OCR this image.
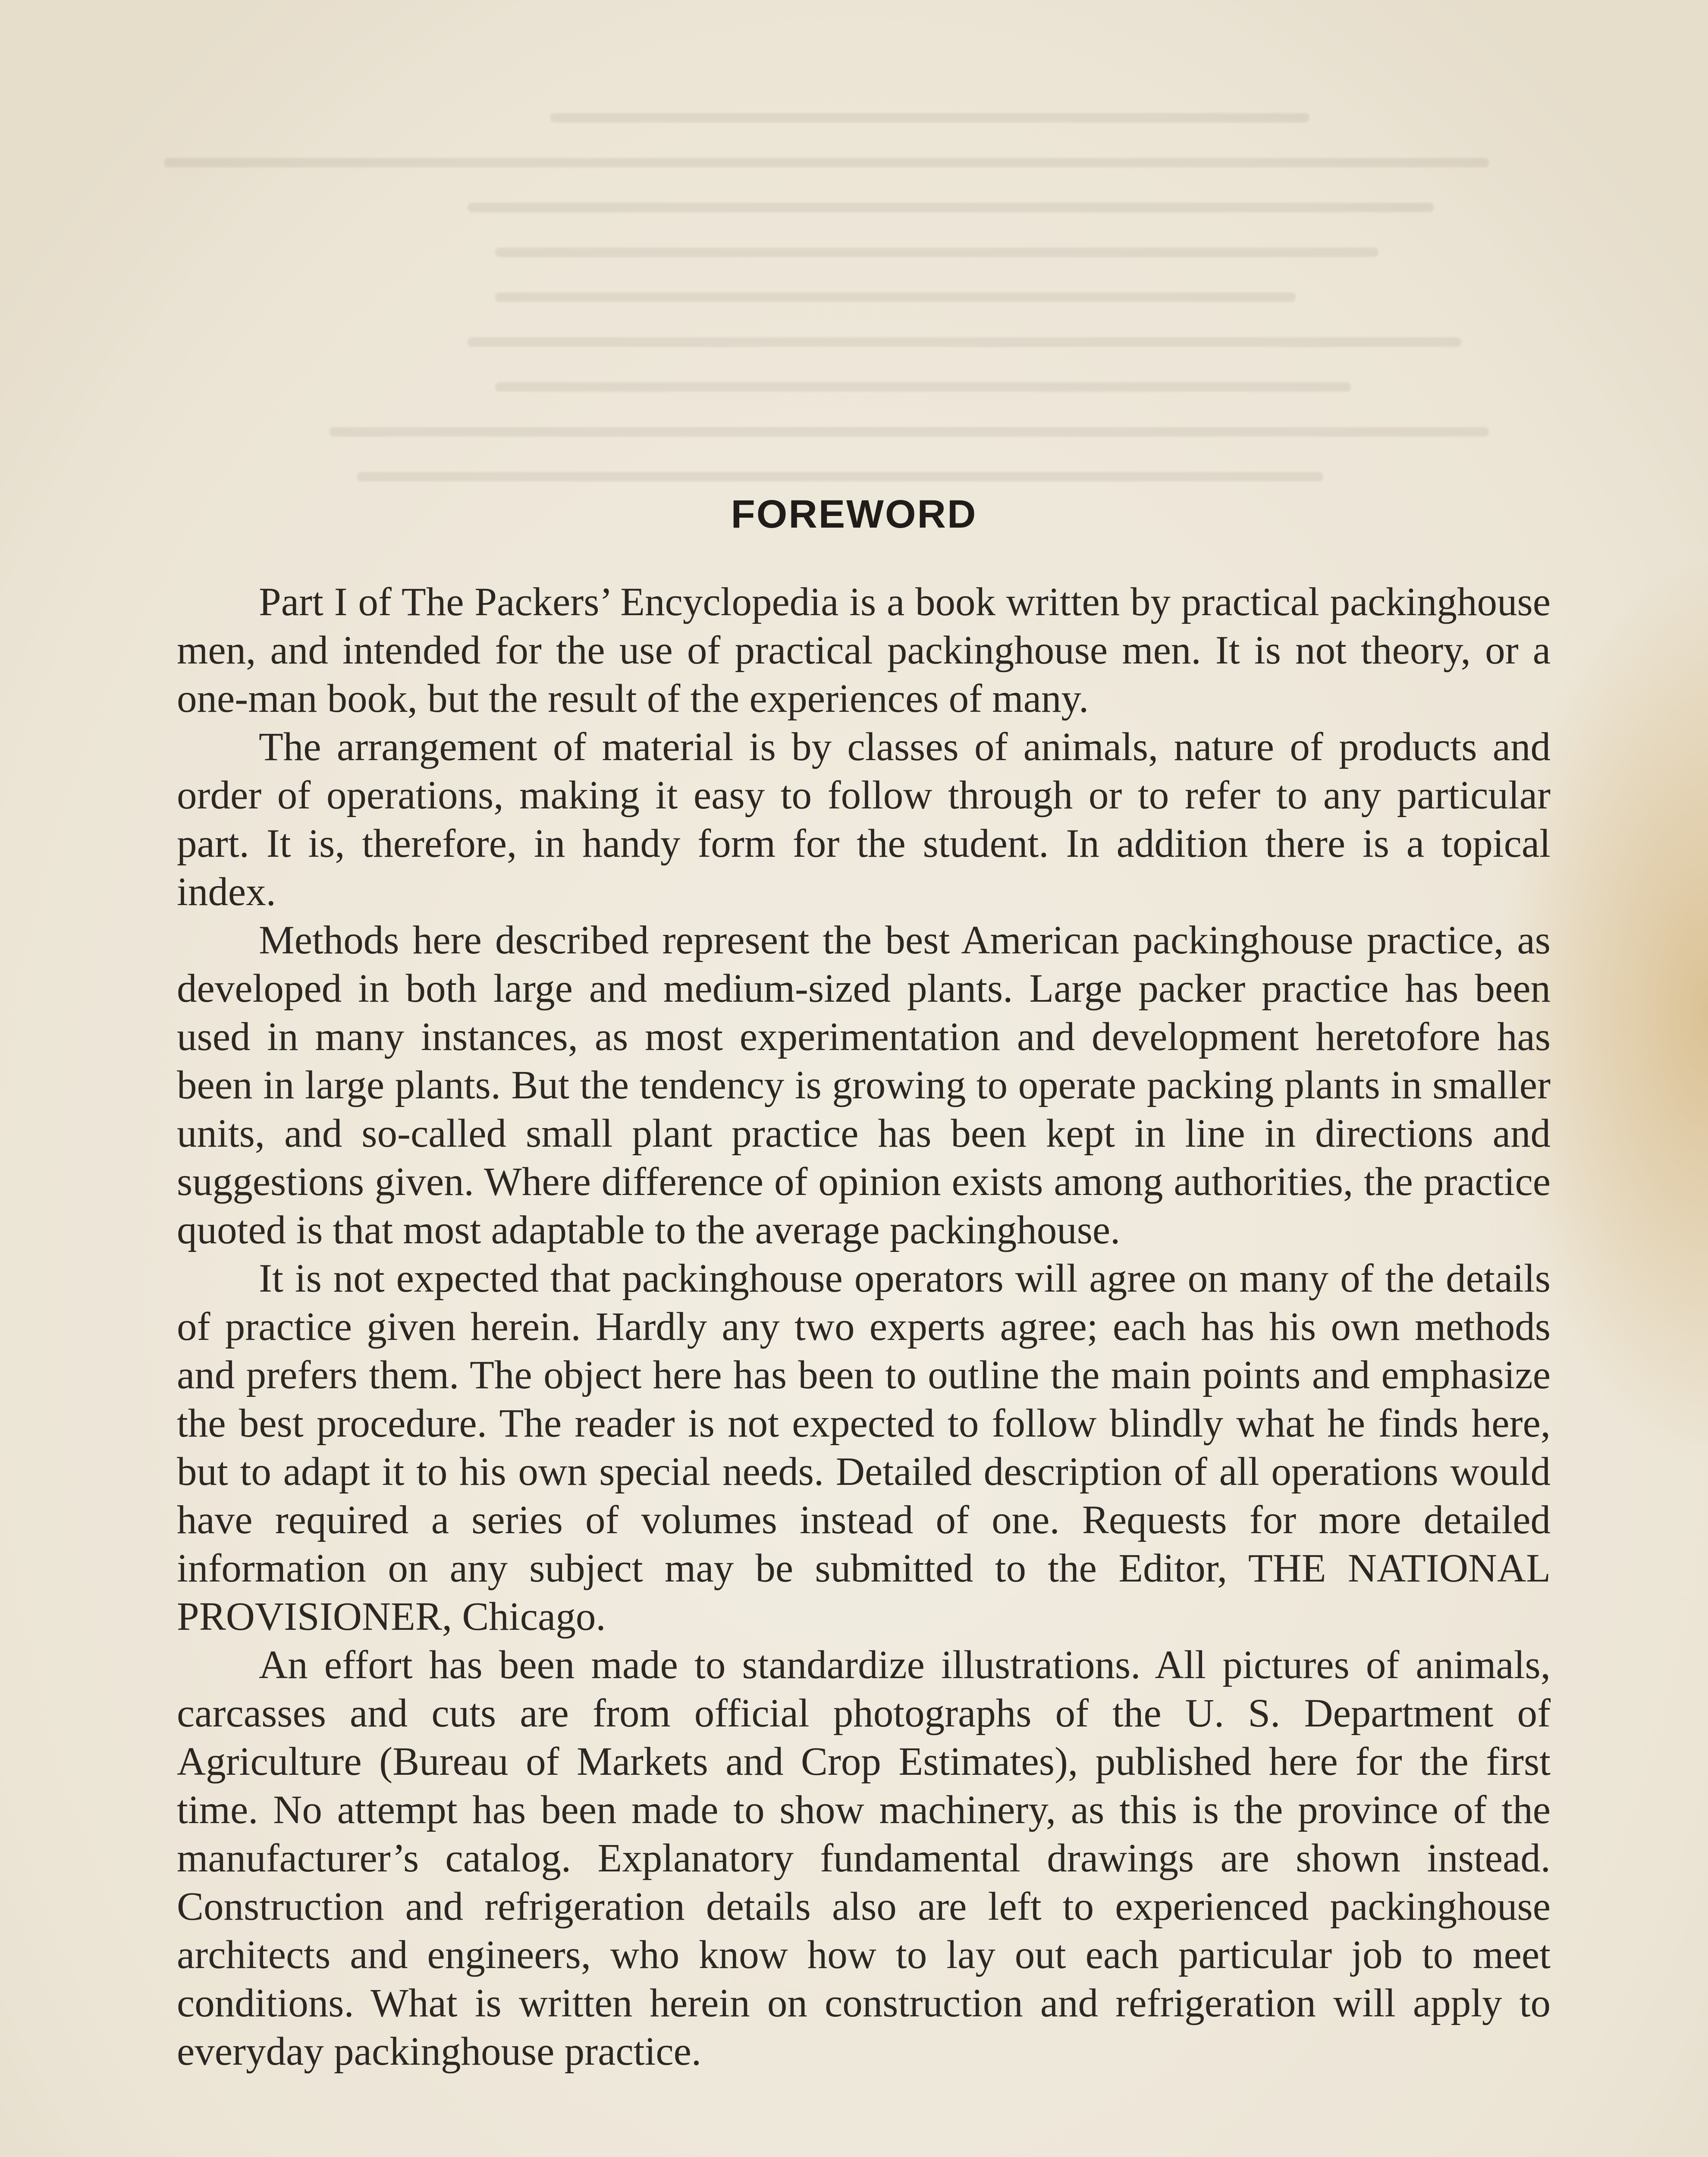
FOREWORD

Part I of The Packers’ Encyclopedia is a book written by practical packinghouse men, and intended for the use of practical packinghouse men. It is not theory, or a one-man book, but the result of the experiences of many.

The arrangement of material is by classes of animals, nature of products and order of operations, making it easy to follow through or to refer to any particular part. It is, therefore, in handy form for the student. In addition there is a topical index.

Methods here described represent the best American packinghouse practice, as developed in both large and medium-sized plants. Large packer practice has been used in many instances, as most experimentation and development heretofore has been in large plants. But the tendency is growing to operate packing plants in smaller units, and so-called small plant practice has been kept in line in directions and suggestions given. Where difference of opinion exists among authorities, the practice quoted is that most adaptable to the average packinghouse.

It is not expected that packinghouse operators will agree on many of the details of practice given herein. Hardly any two experts agree; each has his own methods and prefers them. The object here has been to outline the main points and emphasize the best procedure. The reader is not expected to follow blindly what he finds here, but to adapt it to his own special needs. Detailed description of all operations would have required a series of volumes instead of one. Requests for more detailed information on any subject may be submitted to the Editor, THE NATIONAL PROVISIONER, Chicago.

An effort has been made to standardize illustrations. All pictures of animals, carcasses and cuts are from official photographs of the U. S. Department of Agriculture (Bureau of Markets and Crop Estimates), published here for the first time. No attempt has been made to show machinery, as this is the province of the manufacturer’s catalog. Explanatory fundamental drawings are shown instead. Construction and refrigeration details also are left to experienced packinghouse architects and engineers, who know how to lay out each particular job to meet conditions. What is written herein on construction and refrigeration will apply to everyday packinghouse practice.
